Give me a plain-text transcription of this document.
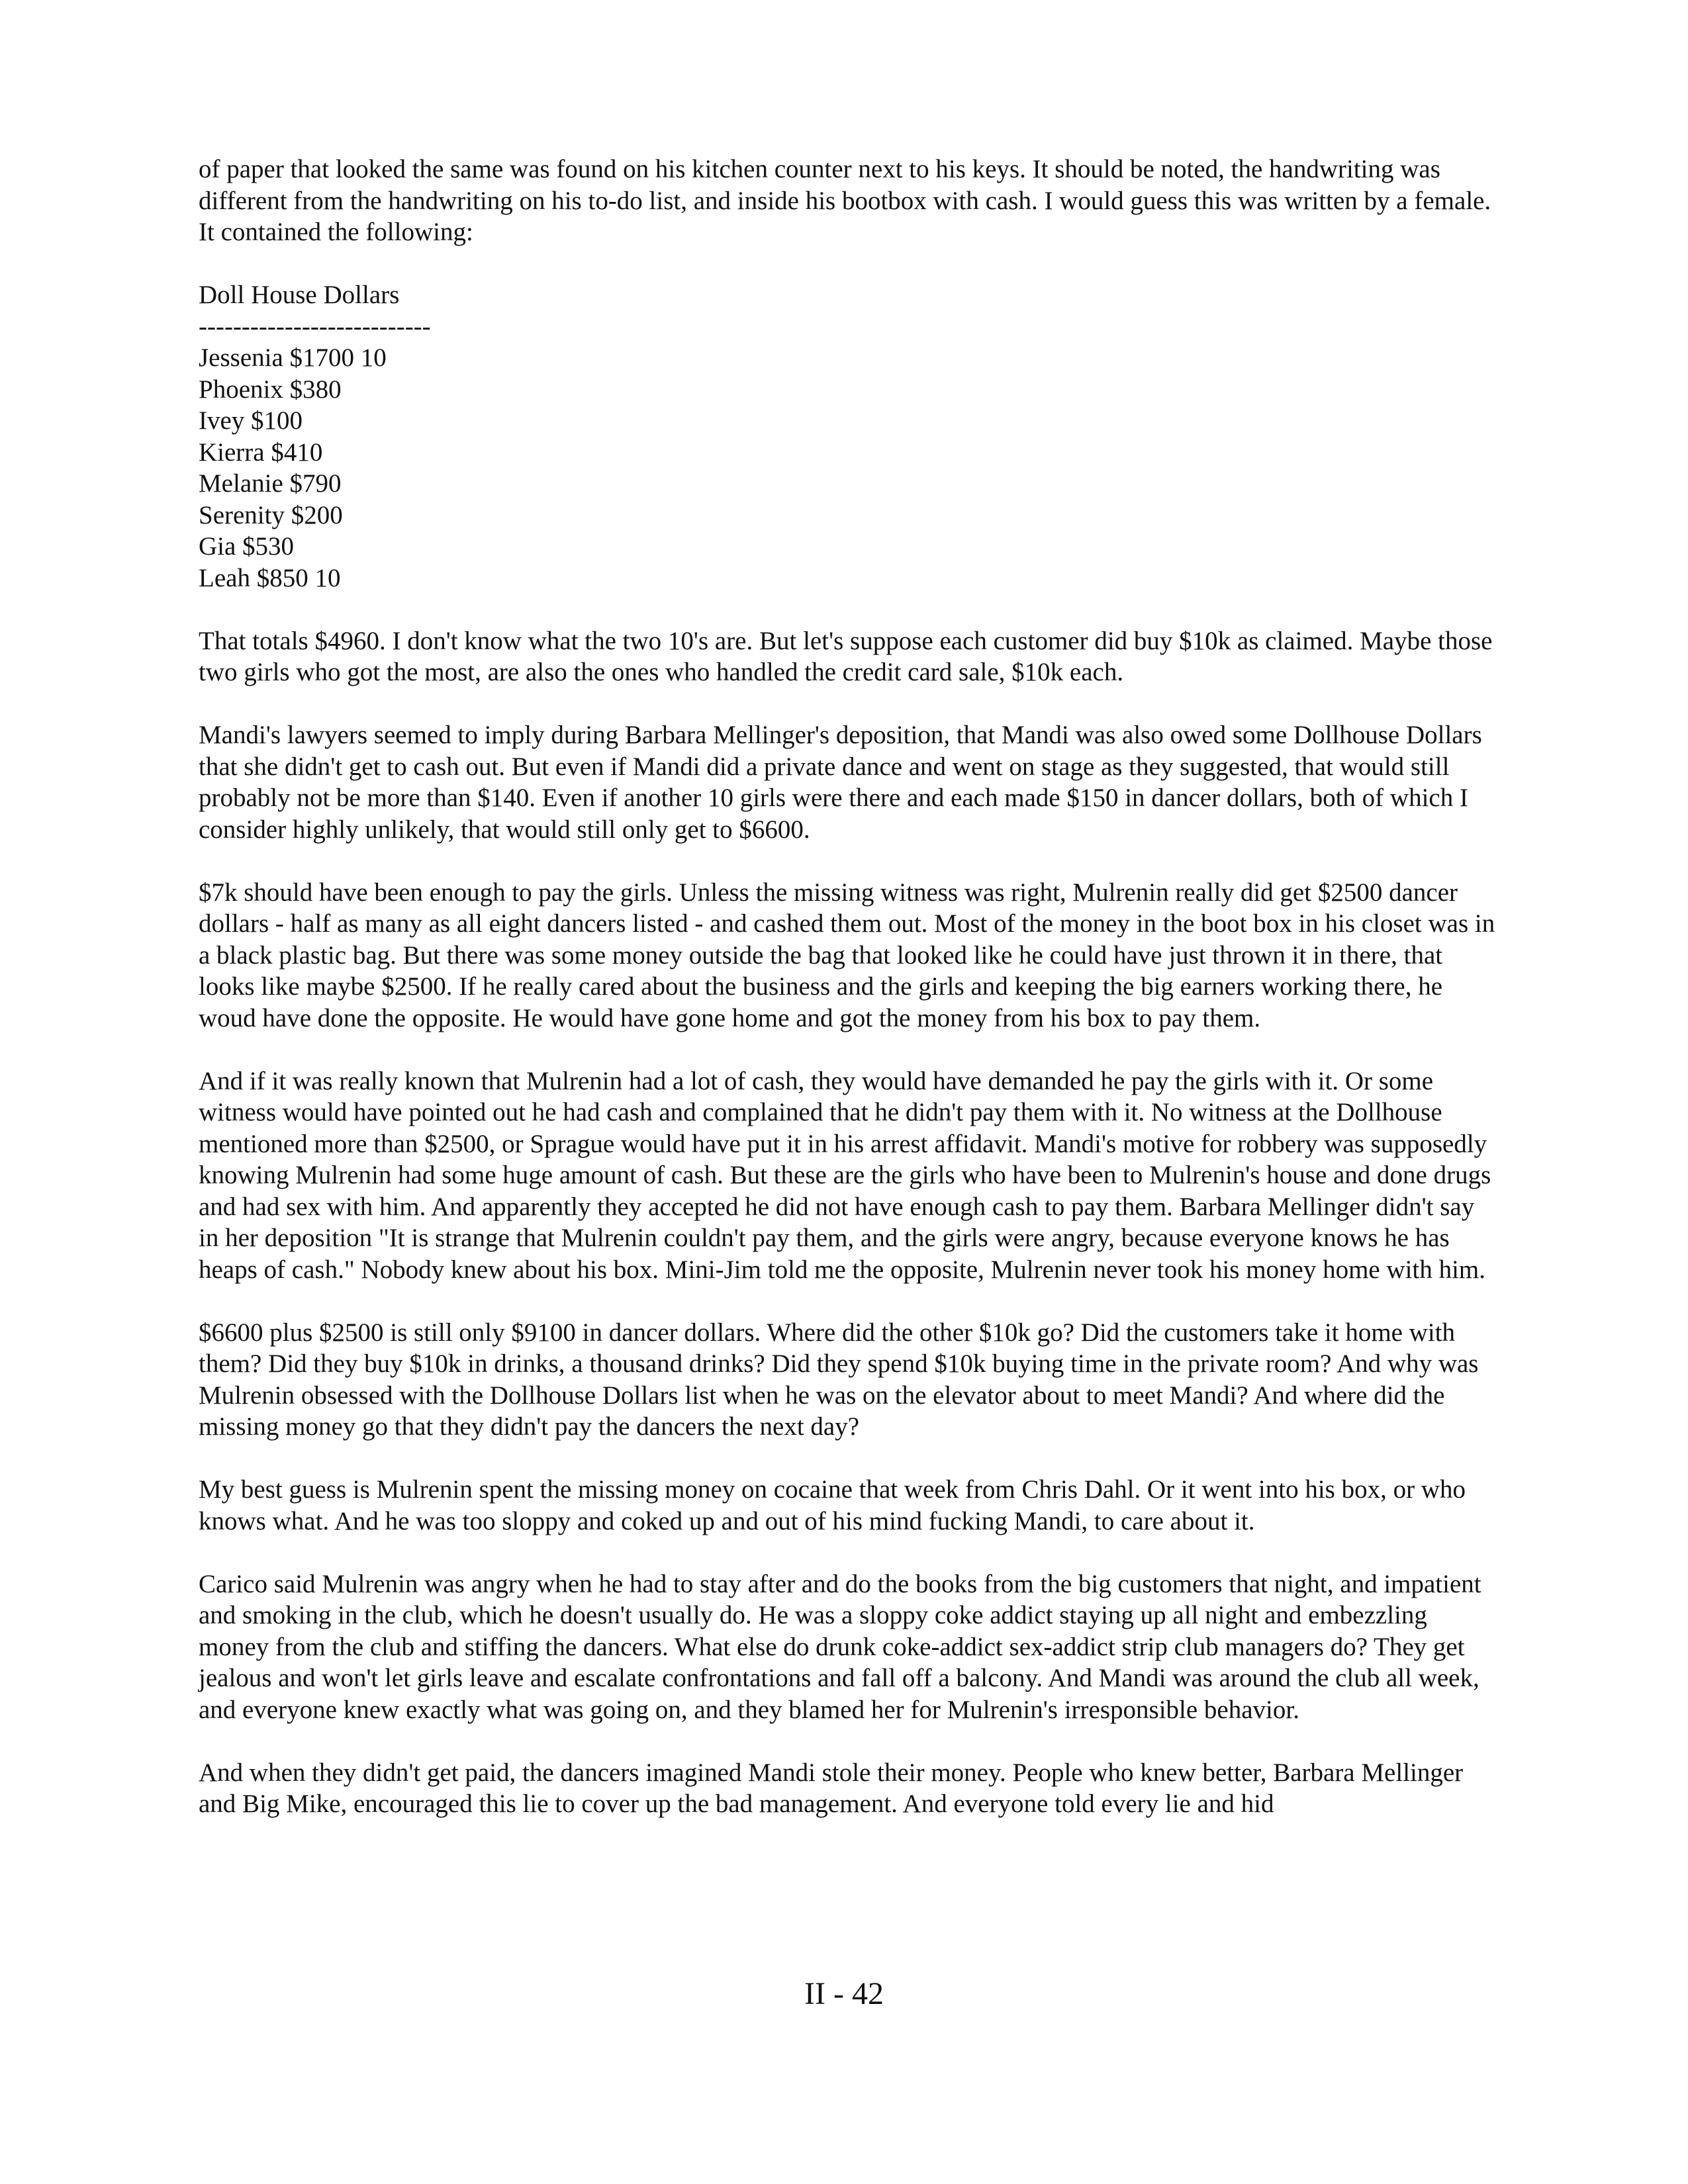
of paper that looked the same was found on his kitchen counter next to his keys. It should be noted, the handwriting was different from the handwriting on his to-do list, and inside his bootbox with cash. I would guess this was written by a female. It contained the following:

Doll House Dollars
---------------------------
Jessenia $1700 10
Phoenix $380
Ivey $100
Kierra $410
Melanie $790
Serenity $200
Gia $530
Leah $850 10

That totals $4960. I don't know what the two 10's are. But let's suppose each customer did buy $10k as claimed. Maybe those two girls who got the most, are also the ones who handled the credit card sale, $10k each.

Mandi's lawyers seemed to imply during Barbara Mellinger's deposition, that Mandi was also owed some Dollhouse Dollars that she didn't get to cash out. But even if Mandi did a private dance and went on stage as they suggested, that would still probably not be more than $140. Even if another 10 girls were there and each made $150 in dancer dollars, both of which I consider highly unlikely, that would still only get to $6600.

$7k should have been enough to pay the girls. Unless the missing witness was right, Mulrenin really did get $2500 dancer dollars - half as many as all eight dancers listed - and cashed them out. Most of the money in the boot box in his closet was in a black plastic bag. But there was some money outside the bag that looked like he could have just thrown it in there, that looks like maybe $2500. If he really cared about the business and the girls and keeping the big earners working there, he woud have done the opposite. He would have gone home and got the money from his box to pay them.

And if it was really known that Mulrenin had a lot of cash, they would have demanded he pay the girls with it. Or some witness would have pointed out he had cash and complained that he didn't pay them with it. No witness at the Dollhouse mentioned more than $2500, or Sprague would have put it in his arrest affidavit. Mandi's motive for robbery was supposedly knowing Mulrenin had some huge amount of cash. But these are the girls who have been to Mulrenin's house and done drugs and had sex with him. And apparently they accepted he did not have enough cash to pay them. Barbara Mellinger didn't say in her deposition "It is strange that Mulrenin couldn't pay them, and the girls were angry, because everyone knows he has heaps of cash." Nobody knew about his box. Mini-Jim told me the opposite, Mulrenin never took his money home with him.

$6600 plus $2500 is still only $9100 in dancer dollars. Where did the other $10k go? Did the customers take it home with them? Did they buy $10k in drinks, a thousand drinks? Did they spend $10k buying time in the private room? And why was Mulrenin obsessed with the Dollhouse Dollars list when he was on the elevator about to meet Mandi? And where did the missing money go that they didn't pay the dancers the next day?

My best guess is Mulrenin spent the missing money on cocaine that week from Chris Dahl. Or it went into his box, or who knows what. And he was too sloppy and coked up and out of his mind fucking Mandi, to care about it.

Carico said Mulrenin was angry when he had to stay after and do the books from the big customers that night, and impatient and smoking in the club, which he doesn't usually do. He was a sloppy coke addict staying up all night and embezzling money from the club and stiffing the dancers. What else do drunk coke-addict sex-addict strip club managers do? They get jealous and won't let girls leave and escalate confrontations and fall off a balcony. And Mandi was around the club all week, and everyone knew exactly what was going on, and they blamed her for Mulrenin's irresponsible behavior.

And when they didn't get paid, the dancers imagined Mandi stole their money. People who knew better, Barbara Mellinger and Big Mike, encouraged this lie to cover up the bad management. And everyone told every lie and hid

II - 42
